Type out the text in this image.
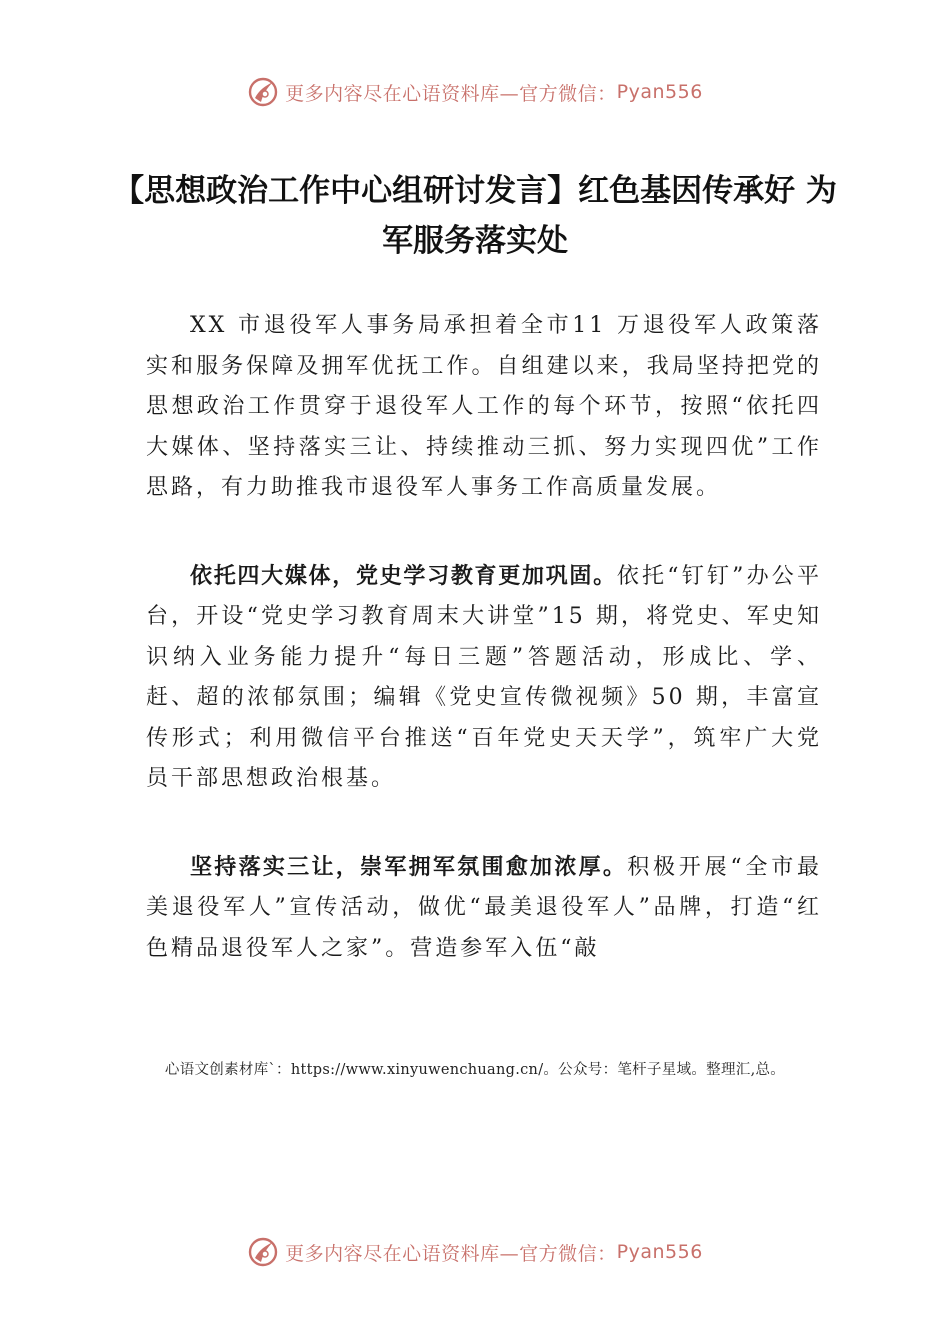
更多内容尽在心语资料库—官方微信： Pyan556
【思想政治工作中心组研讨发言】红色基因传承好 为军服务落实处

XX 市退役军人事务局承担着全市11 万退役军人政策落实和服务保障及拥军优抚工作。自组建以来，我局坚持把党的思想政治工作贯穿于退役军人工作的每个环节，按照“依托四大媒体、坚持落实三让、持续推动三抓、努力实现四优”工作思路，有力助推我市退役军人事务工作高质量发展。

依托四大媒体，党史学习教育更加巩固。依托“钉钉”办公平台，开设“党史学习教育周末大讲堂”15 期，将党史、军史知识纳入业务能力提升“每日三题”答题活动，形成比、学、赶、超的浓郁氛围；编辑《党史宣传微视频》50 期，丰富宣传形式；利用微信平台推送“百年党史天天学”，筑牢广大党员干部思想政治根基。

坚持落实三让，崇军拥军氛围愈加浓厚。积极开展“全市最美退役军人”宣传活动，做优“最美退役军人”品牌，打造“红色精品退役军人之家”。营造参军入伍“敲

心语文创素材库`：https://www.xinyuwenchuang.cn/。公众号：笔杆子星域。整理汇,总。
更多内容尽在心语资料库—官方微信： Pyan556
